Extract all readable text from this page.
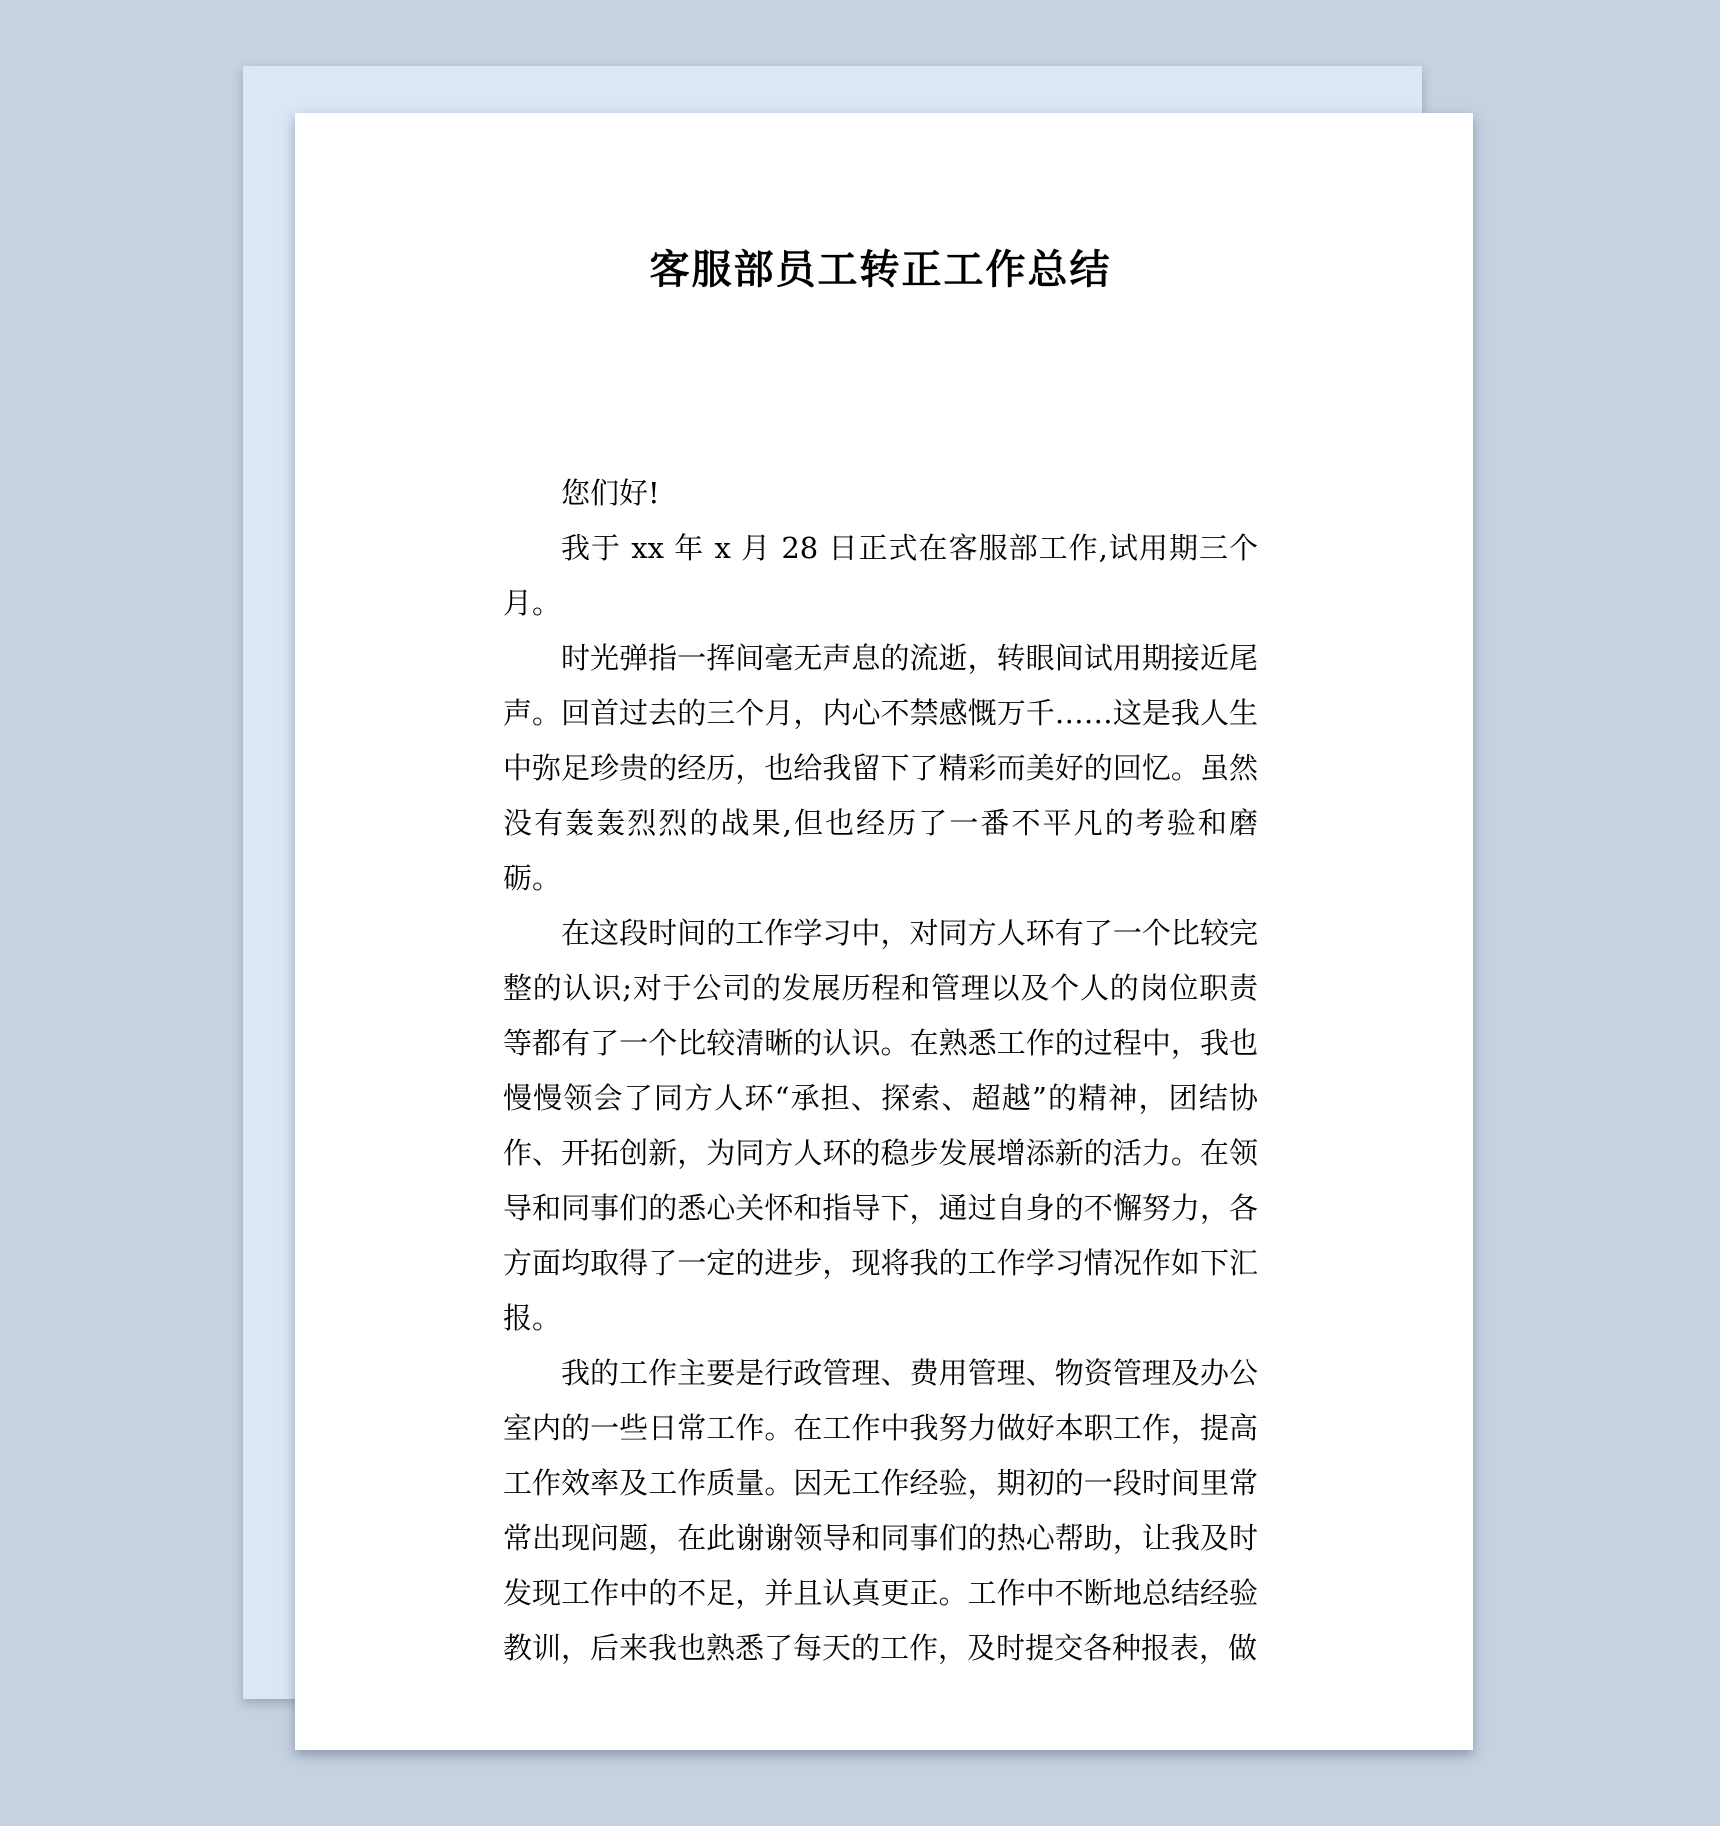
客服部员工转正工作总结

您们好!

我于 xx 年 x 月 28 日正式在客服部工作,试用期三个月。

时光弹指一挥间毫无声息的流逝，转眼间试用期接近尾声。回首过去的三个月，内心不禁感慨万千……这是我人生中弥足珍贵的经历，也给我留下了精彩而美好的回忆。虽然没有轰轰烈烈的战果,但也经历了一番不平凡的考验和磨砺。

在这段时间的工作学习中，对同方人环有了一个比较完整的认识;对于公司的发展历程和管理以及个人的岗位职责等都有了一个比较清晰的认识。在熟悉工作的过程中，我也慢慢领会了同方人环“承担、探索、超越”的精神，团结协作、开拓创新，为同方人环的稳步发展增添新的活力。在领导和同事们的悉心关怀和指导下，通过自身的不懈努力，各方面均取得了一定的进步，现将我的工作学习情况作如下汇报。

我的工作主要是行政管理、费用管理、物资管理及办公室内的一些日常工作。在工作中我努力做好本职工作，提高工作效率及工作质量。因无工作经验，期初的一段时间里常常出现问题，在此谢谢领导和同事们的热心帮助，让我及时发现工作中的不足，并且认真更正。工作中不断地总结经验教训，后来我也熟悉了每天的工作，及时提交各种报表，做
